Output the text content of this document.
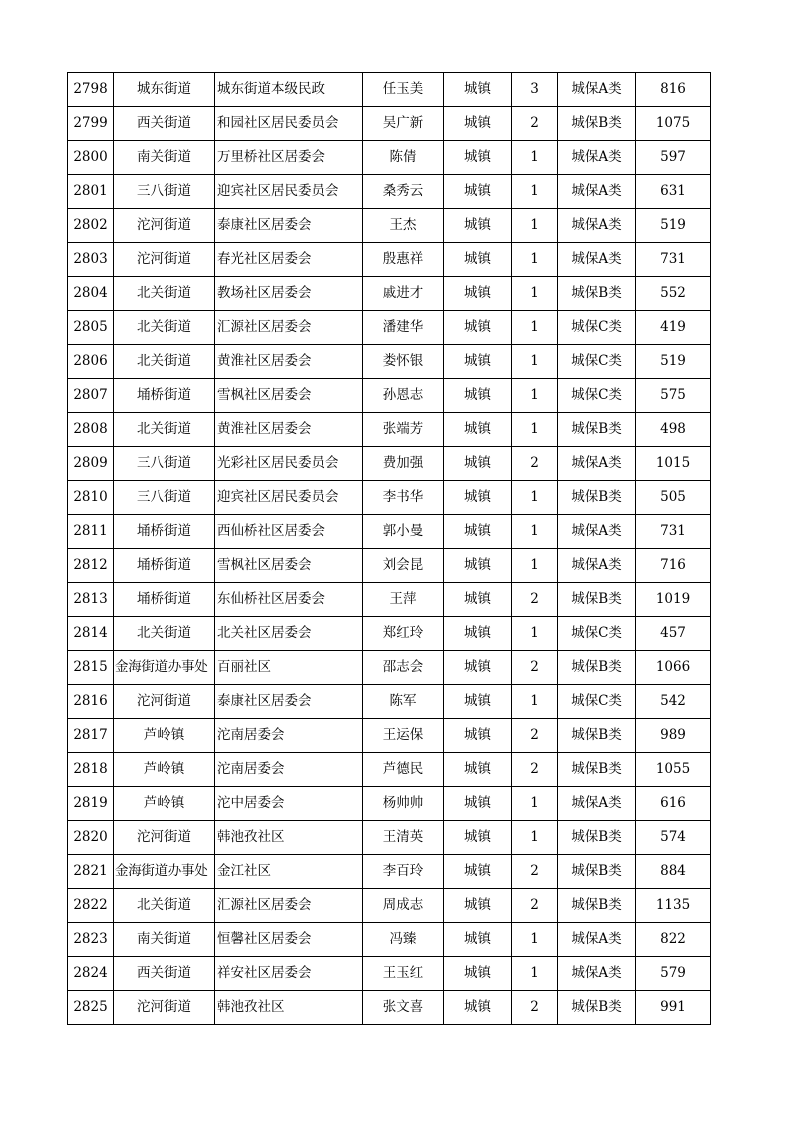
2798	城东街道	城东街道本级民政	任玉美	城镇	3	城保A类	816
2799	西关街道	和园社区居民委员会	吴广新	城镇	2	城保B类	1075
2800	南关街道	万里桥社区居委会	陈倩	城镇	1	城保A类	597
2801	三八街道	迎宾社区居民委员会	桑秀云	城镇	1	城保A类	631
2802	沱河街道	泰康社区居委会	王杰	城镇	1	城保A类	519
2803	沱河街道	春光社区居委会	殷惠祥	城镇	1	城保A类	731
2804	北关街道	教场社区居委会	戚进才	城镇	1	城保B类	552
2805	北关街道	汇源社区居委会	潘建华	城镇	1	城保C类	419
2806	北关街道	黄淮社区居委会	娄怀银	城镇	1	城保C类	519
2807	埇桥街道	雪枫社区居委会	孙恩志	城镇	1	城保C类	575
2808	北关街道	黄淮社区居委会	张端芳	城镇	1	城保B类	498
2809	三八街道	光彩社区居民委员会	费加强	城镇	2	城保A类	1015
2810	三八街道	迎宾社区居民委员会	李书华	城镇	1	城保B类	505
2811	埇桥街道	西仙桥社区居委会	郭小曼	城镇	1	城保A类	731
2812	埇桥街道	雪枫社区居委会	刘会昆	城镇	1	城保A类	716
2813	埇桥街道	东仙桥社区居委会	王萍	城镇	2	城保B类	1019
2814	北关街道	北关社区居委会	郑红玲	城镇	1	城保C类	457
2815	金海街道办事处	百丽社区	邵志会	城镇	2	城保B类	1066
2816	沱河街道	泰康社区居委会	陈军	城镇	1	城保C类	542
2817	芦岭镇	沱南居委会	王运保	城镇	2	城保B类	989
2818	芦岭镇	沱南居委会	芦德民	城镇	2	城保B类	1055
2819	芦岭镇	沱中居委会	杨帅帅	城镇	1	城保A类	616
2820	沱河街道	韩池孜社区	王清英	城镇	1	城保B类	574
2821	金海街道办事处	金江社区	李百玲	城镇	2	城保B类	884
2822	北关街道	汇源社区居委会	周成志	城镇	2	城保B类	1135
2823	南关街道	恒馨社区居委会	冯臻	城镇	1	城保A类	822
2824	西关街道	祥安社区居委会	王玉红	城镇	1	城保A类	579
2825	沱河街道	韩池孜社区	张文喜	城镇	2	城保B类	991
